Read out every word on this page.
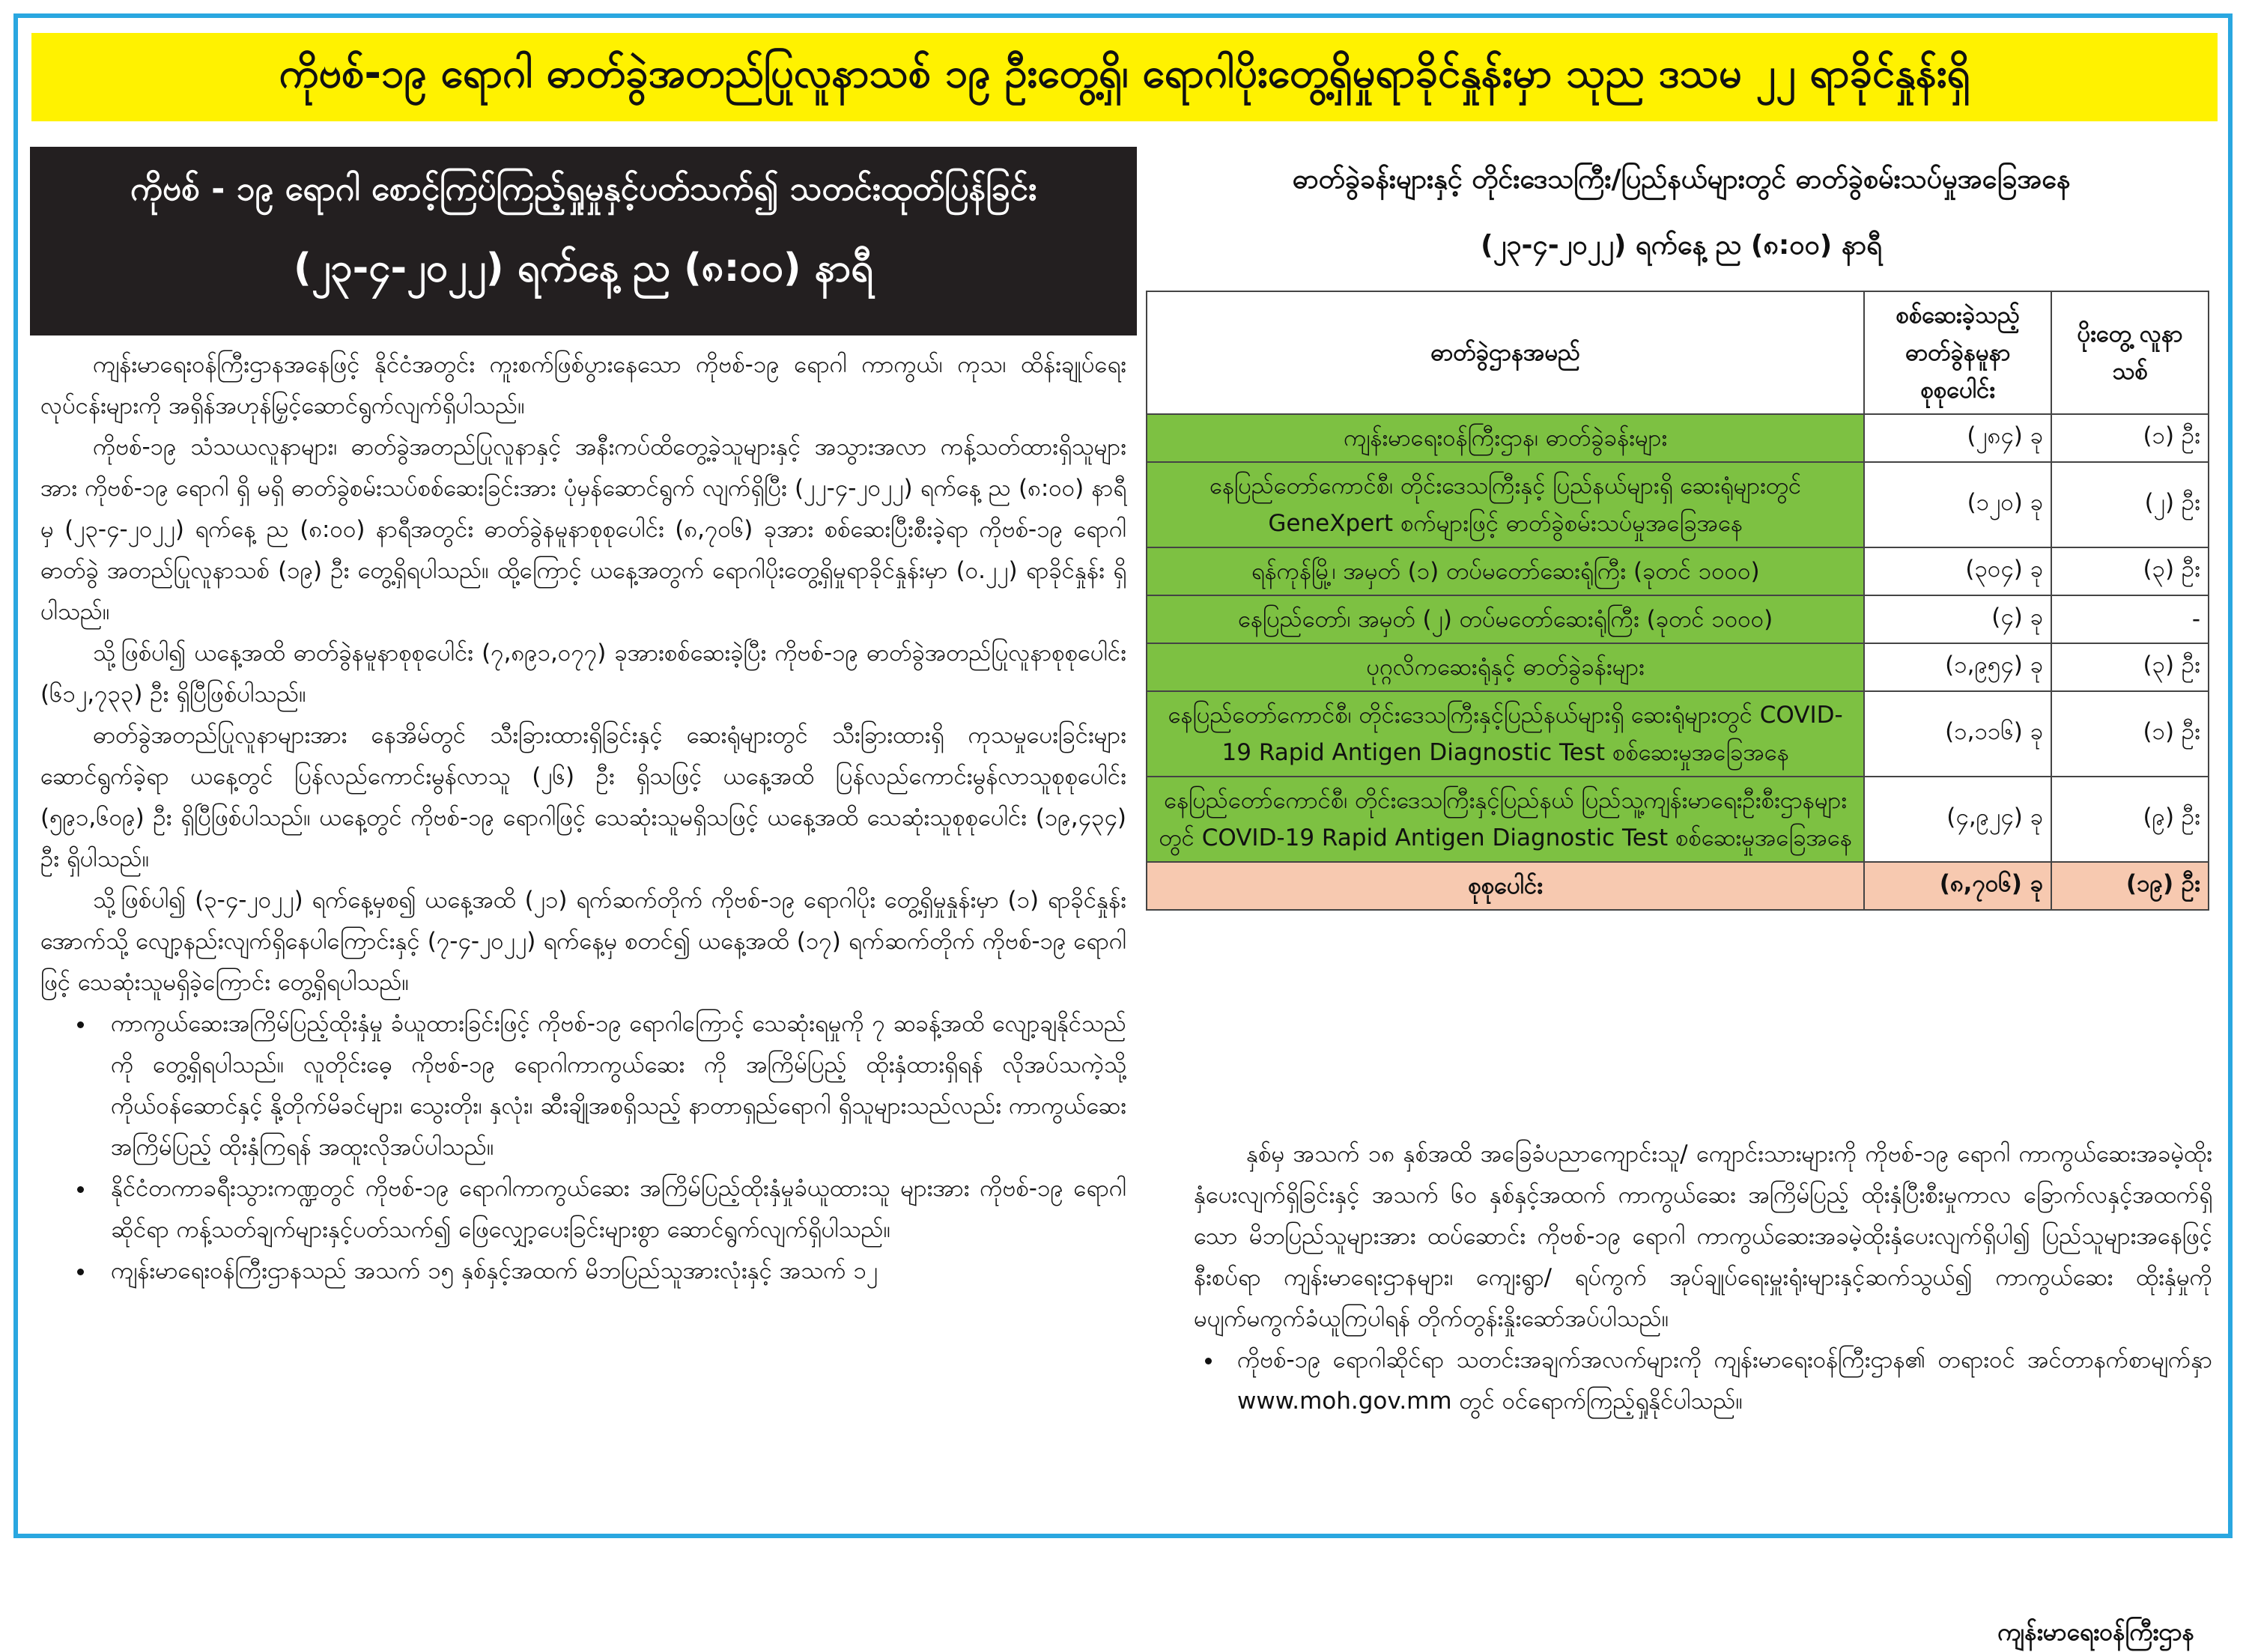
ကိုဗစ်-၁၉ ရောဂါ ဓာတ်ခွဲအတည်ပြုလူနာသစ် ၁၉ ဦးတွေ့ရှိ၊ ရောဂါပိုးတွေ့ရှိမှုရာခိုင်နှုန်းမှာ သုည ဒသမ ၂၂ ရာခိုင်နှုန်းရှိ
ကိုဗစ် - ၁၉ ရောဂါ စောင့်ကြပ်ကြည့်ရှုမှုနှင့်ပတ်သက်၍ သတင်းထုတ်ပြန်ခြင်း
(၂၃-၄-၂၀၂၂) ရက်နေ့ ည (၈:၀၀) နာရီ

ကျန်းမာရေးဝန်ကြီးဌာနအနေဖြင့် နိုင်ငံအတွင်း ကူးစက်ဖြစ်ပွားနေသော ကိုဗစ်-၁၉ ရောဂါ ကာကွယ်၊ ကုသ၊ ထိန်းချုပ်ရေးလုပ်ငန်းများကို အရှိန်အဟုန်မြှင့်ဆောင်ရွက်လျက်ရှိပါသည်။

ကိုဗစ်-၁၉ သံသယလူနာများ၊ ဓာတ်ခွဲအတည်ပြုလူနာနှင့် အနီးကပ်ထိတွေ့ခဲ့သူများနှင့် အသွားအလာ ကန့်သတ်ထားရှိသူများအား ကိုဗစ်-၁၉ ရောဂါ ရှိ မရှိ ဓာတ်ခွဲစမ်းသပ်စစ်ဆေးခြင်းအား ပုံမှန်ဆောင်ရွက် လျက်ရှိပြီး (၂၂-၄-၂၀၂၂) ရက်နေ့ ည (၈:၀၀) နာရီမှ (၂၃-၄-၂၀၂၂) ရက်နေ့ ည (၈:၀၀) နာရီအတွင်း ဓာတ်ခွဲနမူနာစုစုပေါင်း (၈,၇၀၆) ခုအား စစ်ဆေးပြီးစီးခဲ့ရာ ကိုဗစ်-၁၉ ရောဂါ ဓာတ်ခွဲ အတည်ပြုလူနာသစ် (၁၉) ဦး တွေ့ရှိရပါသည်။ ထို့ကြောင့် ယနေ့အတွက် ရောဂါပိုးတွေ့ရှိမှုရာခိုင်နှုန်းမှာ (၀.၂၂) ရာခိုင်နှုန်း ရှိပါသည်။

သို့ဖြစ်ပါ၍ ယနေ့အထိ ဓာတ်ခွဲနမူနာစုစုပေါင်း (၇,၈၉၁,၀၇၇) ခုအားစစ်ဆေးခဲ့ပြီး ကိုဗစ်-၁၉ ဓာတ်ခွဲအတည်ပြုလူနာစုစုပေါင်း (၆၁၂,၇၃၃) ဦး ရှိပြီဖြစ်ပါသည်။

ဓာတ်ခွဲအတည်ပြုလူနာများအား နေအိမ်တွင် သီးခြားထားရှိခြင်းနှင့် ဆေးရုံများတွင် သီးခြားထားရှိ ကုသမှုပေးခြင်းများ ဆောင်ရွက်ခဲ့ရာ ယနေ့တွင် ပြန်လည်ကောင်းမွန်လာသူ (၂၆) ဦး ရှိသဖြင့် ယနေ့အထိ ပြန်လည်ကောင်းမွန်လာသူစုစုပေါင်း (၅၉၁,၆၀၉) ဦး ရှိပြီဖြစ်ပါသည်။ ယနေ့တွင် ကိုဗစ်-၁၉ ရောဂါဖြင့် သေဆုံးသူမရှိသဖြင့် ယနေ့အထိ သေဆုံးသူစုစုပေါင်း (၁၉,၄၃၄) ဦး ရှိပါသည်။

သို့ဖြစ်ပါ၍ (၃-၄-၂၀၂၂) ရက်နေ့မှစ၍ ယနေ့အထိ (၂၁) ရက်ဆက်တိုက် ကိုဗစ်-၁၉ ရောဂါပိုး တွေ့ရှိမှုနှုန်းမှာ (၁) ရာခိုင်နှုန်းအောက်သို့ လျော့နည်းလျက်ရှိနေပါကြောင်းနှင့် (၇-၄-၂၀၂၂) ရက်နေ့မှ စတင်၍ ယနေ့အထိ (၁၇) ရက်ဆက်တိုက် ကိုဗစ်-၁၉ ရောဂါဖြင့် သေဆုံးသူမရှိခဲ့ကြောင်း တွေ့ရှိရပါသည်။

• ကာကွယ်ဆေးအကြိမ်ပြည့်ထိုးနှံမှု ခံယူထားခြင်းဖြင့် ကိုဗစ်-၁၉ ရောဂါကြောင့် သေဆုံးရမှုကို ၇ ဆခန့်အထိ လျော့ချနိုင်သည်ကို တွေ့ရှိရပါသည်။ လူတိုင်းဓေ့ ကိုဗစ်-၁၉ ရောဂါကာကွယ်ဆေး ကို အကြိမ်ပြည့် ထိုးနှံထားရှိရန် လိုအပ်သကဲ့သို့ ကိုယ်ဝန်ဆောင်နှင့် နို့တိုက်မိခင်များ၊ သွေးတိုး၊ နှလုံး၊ ဆီးချိုအစရှိသည့် နာတာရှည်ရောဂါ ရှိသူများသည်လည်း ကာကွယ်ဆေးအကြိမ်ပြည့် ထိုးနှံကြရန် အထူးလိုအပ်ပါသည်။
• နိုင်ငံတကာခရီးသွားကဏ္ဍတွင် ကိုဗစ်-၁၉ ရောဂါကာကွယ်ဆေး အကြိမ်ပြည့်ထိုးနှံမှုခံယူထားသူ များအား ကိုဗစ်-၁၉ ရောဂါဆိုင်ရာ ကန့်သတ်ချက်များနှင့်ပတ်သက်၍ ဖြေလျှော့ပေးခြင်းများစွာ ဆောင်ရွက်လျက်ရှိပါသည်။
• ကျန်းမာရေးဝန်ကြီးဌာနသည် အသက် ၁၅ နှစ်နှင့်အထက် မိဘပြည်သူအားလုံးနှင့် အသက် ၁၂
ဓာတ်ခွဲခန်းများနှင့် တိုင်းဒေသကြီး/ပြည်နယ်များတွင် ဓာတ်ခွဲစမ်းသပ်မှုအခြေအနေ
(၂၃-၄-၂၀၂၂) ရက်နေ့ ည (၈:၀၀) နာရီ
ဓာတ်ခွဲဌာနအမည်	စစ်ဆေးခဲ့သည့် ဓာတ်ခွဲနမူနာ စုစုပေါင်း	ပိုးတွေ့ လူနာသစ်
ကျန်းမာရေးဝန်ကြီးဌာန၊ ဓာတ်ခွဲခန်းများ	(၂၈၄) ခု	(၁) ဦး
နေပြည်တော်ကောင်စီ၊ တိုင်းဒေသကြီးနှင့် ပြည်နယ်များရှိ ဆေးရုံများတွင် GeneXpert စက်များဖြင့် ဓာတ်ခွဲစမ်းသပ်မှုအခြေအနေ	(၁၂၀) ခု	(၂) ဦး
ရန်ကုန်မြို့၊ အမှတ် (၁) တပ်မတော်ဆေးရုံကြီး (ခုတင် ၁၀၀၀)	(၃၀၄) ခု	(၃) ဦး
နေပြည်တော်၊ အမှတ် (၂) တပ်မတော်ဆေးရုံကြီး (ခုတင် ၁၀၀၀)	(၄) ခု	-
ပုဂ္ဂလိကဆေးရုံနှင့် ဓာတ်ခွဲခန်းများ	(၁,၉၅၄) ခု	(၃) ဦး
နေပြည်တော်ကောင်စီ၊ တိုင်းဒေသကြီးနှင့်ပြည်နယ်များရှိ ဆေးရုံများတွင် COVID-19 Rapid Antigen Diagnostic Test စစ်ဆေးမှုအခြေအနေ	(၁,၁၁၆) ခု	(၁) ဦး
နေပြည်တော်ကောင်စီ၊ တိုင်းဒေသကြီးနှင့်ပြည်နယ် ပြည်သူ့ကျန်းမာရေးဦးစီးဌာနများတွင် COVID-19 Rapid Antigen Diagnostic Test စစ်ဆေးမှုအခြေအနေ	(၄,၉၂၄) ခု	(၉) ဦး
စုစုပေါင်း	(၈,၇၀၆) ခု	(၁၉) ဦး

နှစ်မှ အသက် ၁၈ နှစ်အထိ အခြေခံပညာကျောင်းသူ/ ကျောင်းသားများကို ကိုဗစ်-၁၉ ရောဂါ ကာကွယ်ဆေးအခမဲ့ထိုးနှံပေးလျက်ရှိခြင်းနှင့် အသက် ၆၀ နှစ်နှင့်အထက် ကာကွယ်ဆေး အကြိမ်ပြည့် ထိုးနှံပြီးစီးမှုကာလ ခြောက်လနှင့်အထက်ရှိသော မိဘပြည်သူများအား ထပ်ဆောင်း ကိုဗစ်-၁၉ ရောဂါ ကာကွယ်ဆေးအခမဲ့ထိုးနှံပေးလျက်ရှိပါ၍ ပြည်သူများအနေဖြင့် နီးစပ်ရာ ကျန်းမာရေးဌာနများ၊ ကျေးရွာ/ ရပ်ကွက် အုပ်ချုပ်ရေးမှူးရုံးများနှင့်ဆက်သွယ်၍ ကာကွယ်ဆေး ထိုးနှံမှုကို မပျက်မကွက်ခံယူကြပါရန် တိုက်တွန်းနှိုးဆော်အပ်ပါသည်။

• ကိုဗစ်-၁၉ ရောဂါဆိုင်ရာ သတင်းအချက်အလက်များကို ကျန်းမာရေးဝန်ကြီးဌာန၏ တရားဝင် အင်တာနက်စာမျက်နှာ www.moh.gov.mm တွင် ဝင်ရောက်ကြည့်ရှုနိုင်ပါသည်။
ကျန်းမာရေးဝန်ကြီးဌာန
